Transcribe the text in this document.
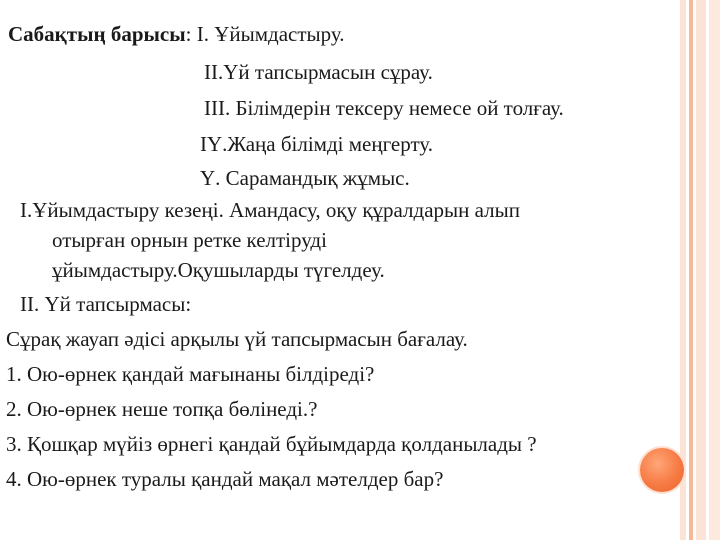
Сабақтың барысы: І. Ұйымдастыру.
ІІ.Үй тапсырмасын сұрау.
ІІІ. Білімдерін тексеру немесе ой толғау.
ІҮ.Жаңа білімді меңгерту.
Ү. Сарамандық жұмыс.
І.Ұйымдастыру кезеңі. Амандасу, оқу құралдарын алып
отырған орнын ретке келтіруді
ұйымдастыру.Оқушыларды түгелдеу.
ІІ. Үй тапсырмасы:
Сұрақ жауап әдісі арқылы үй тапсырмасын бағалау.
1. Ою-өрнек қандай мағынаны білдіреді?
2. Ою-өрнек неше топқа бөлінеді.?
3. Қошқар мүйіз өрнегі қандай бұйымдарда қолданылады ?
4. Ою-өрнек туралы қандай мақал мәтелдер бар?
